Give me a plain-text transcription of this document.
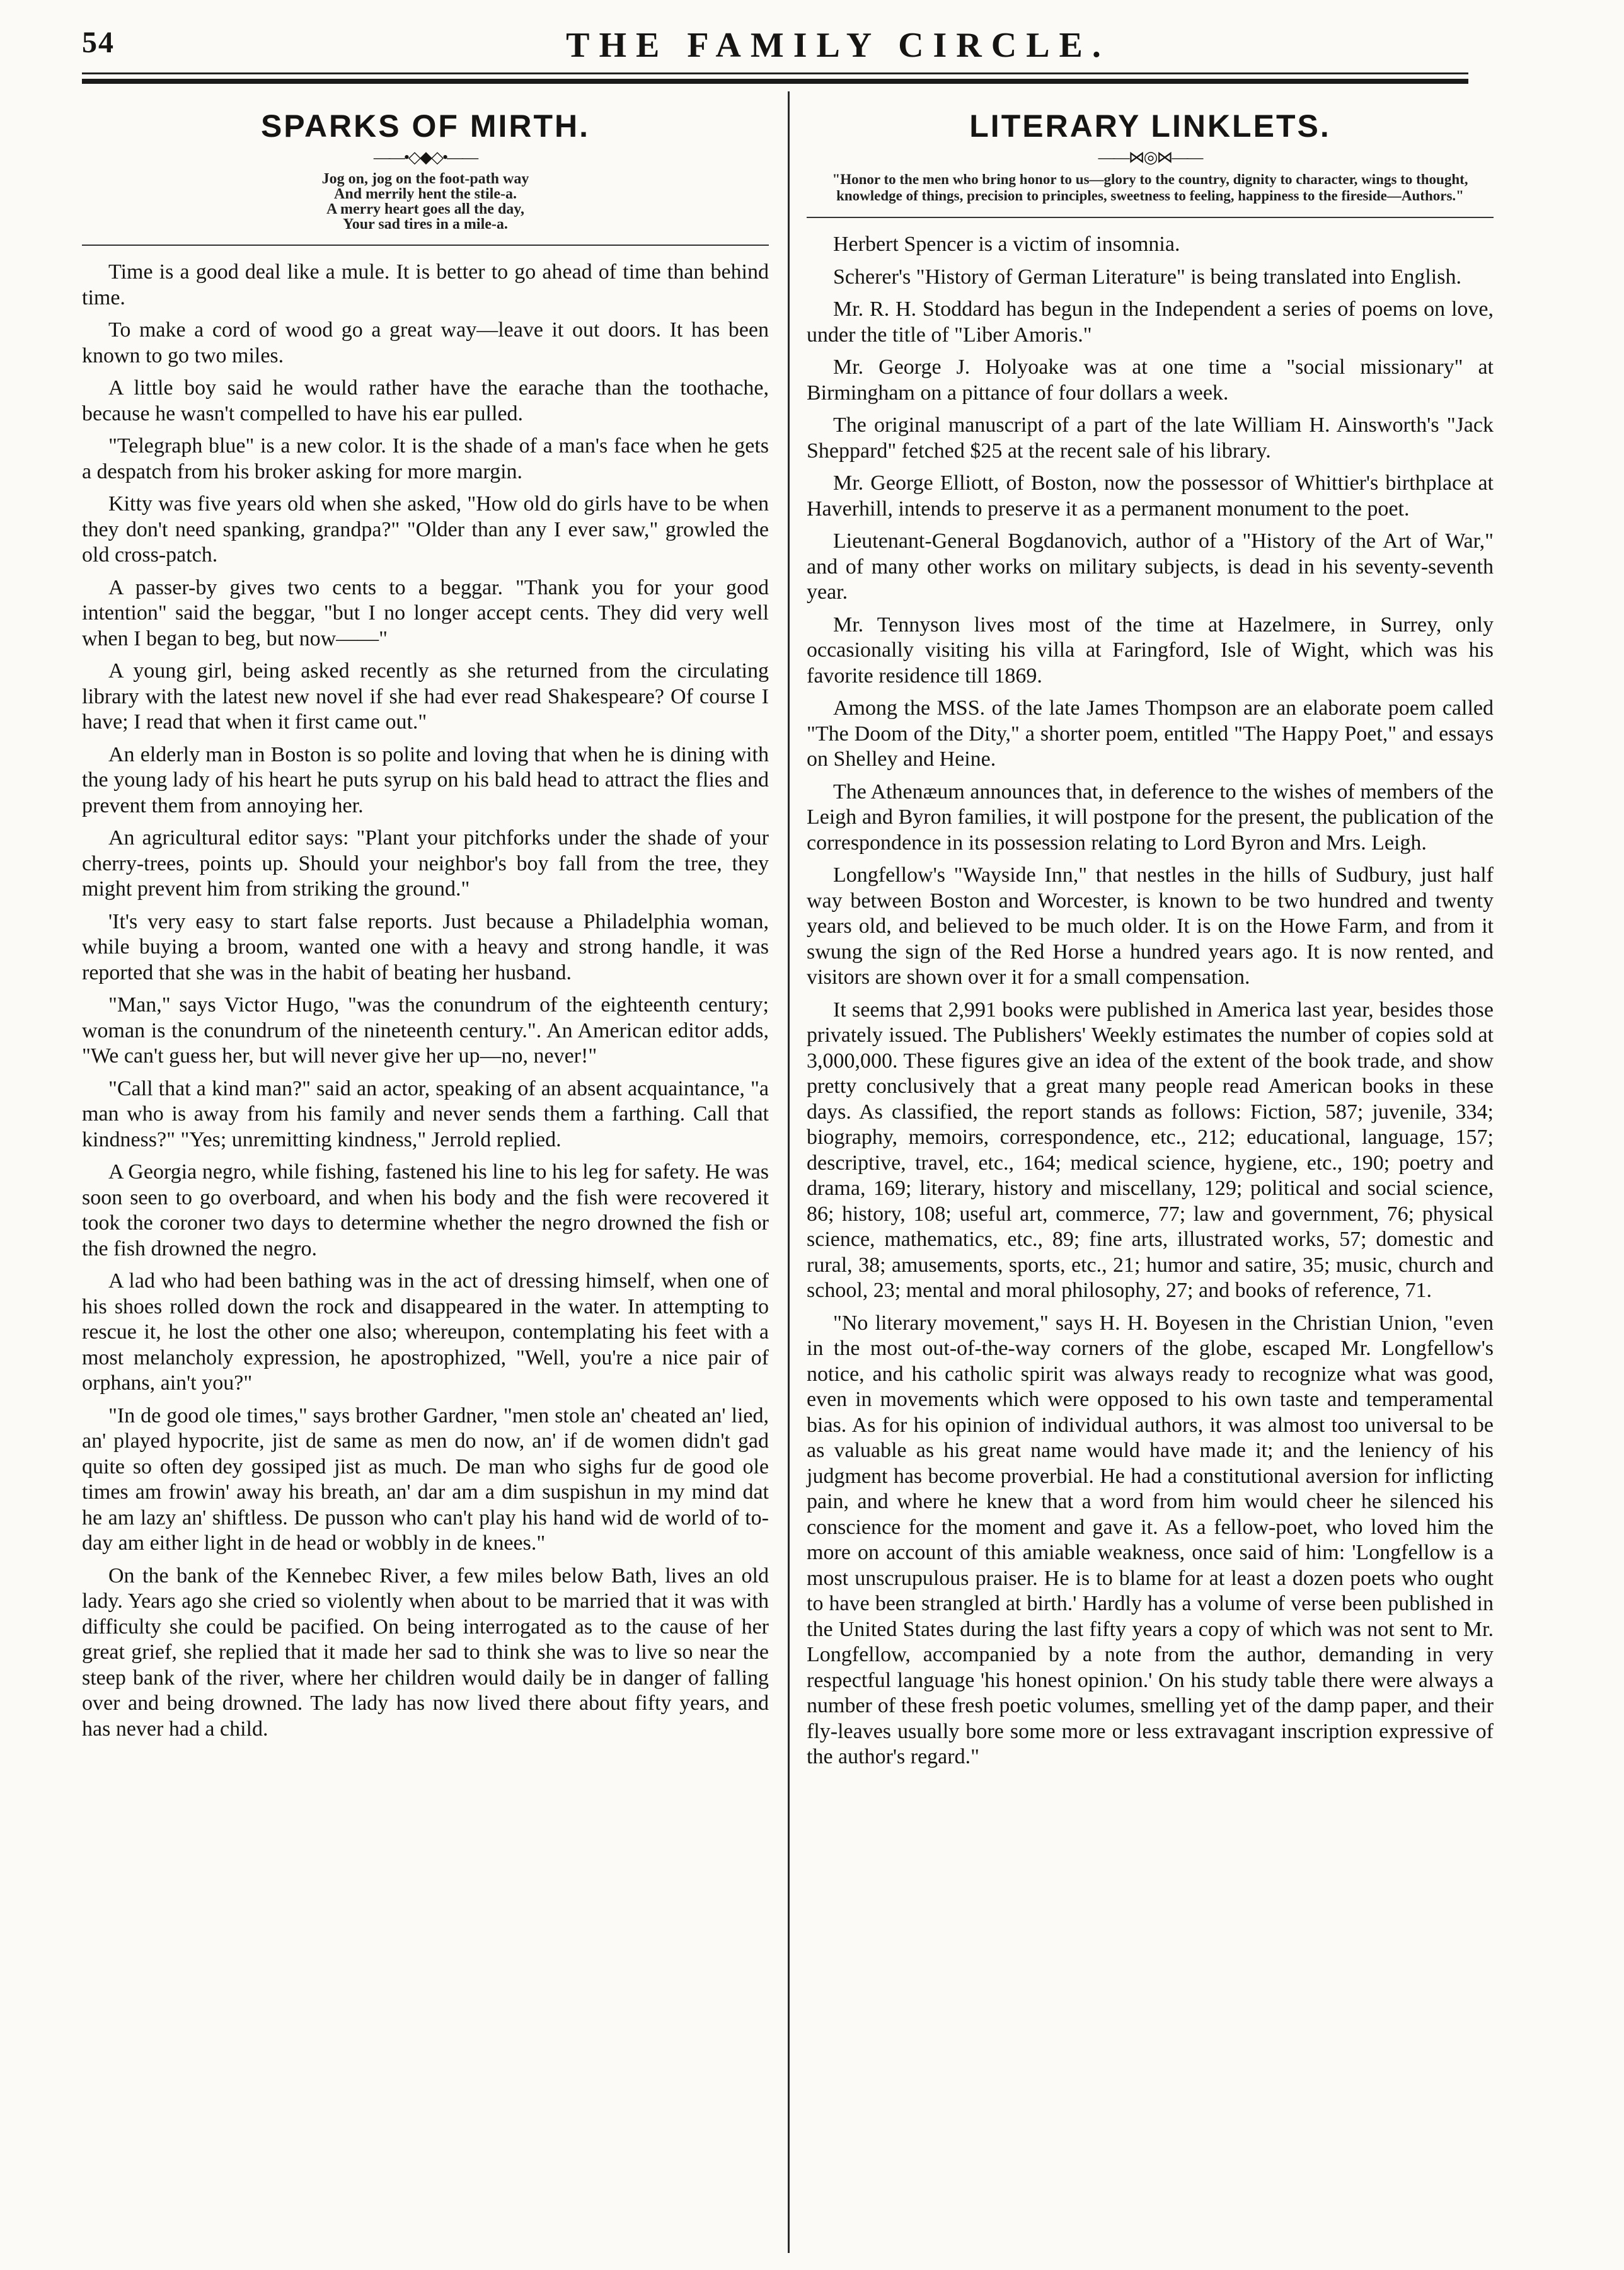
54	THE FAMILY CIRCLE.
SPARKS OF MIRTH.
——•◇◆◇•——
Jog on, jog on the foot-path way
And merrily hent the stile-a.
A merry heart goes all the day,
Your sad tires in a mile-a.

Time is a good deal like a mule. It is better to go ahead of time than behind time.

To make a cord of wood go a great way—leave it out doors. It has been known to go two miles.

A little boy said he would rather have the earache than the toothache, because he wasn't compelled to have his ear pulled.

"Telegraph blue" is a new color. It is the shade of a man's face when he gets a despatch from his broker asking for more margin.

Kitty was five years old when she asked, "How old do girls have to be when they don't need spanking, grandpa?" "Older than any I ever saw," growled the old cross-patch.

A passer-by gives two cents to a beggar. "Thank you for your good intention" said the beggar, "but I no longer accept cents. They did very well when I began to beg, but now——"

A young girl, being asked recently as she returned from the circulating library with the latest new novel if she had ever read Shakespeare? Of course I have; I read that when it first came out."

An elderly man in Boston is so polite and loving that when he is dining with the young lady of his heart he puts syrup on his bald head to attract the flies and prevent them from annoying her.

An agricultural editor says: "Plant your pitchforks under the shade of your cherry-trees, points up. Should your neighbor's boy fall from the tree, they might prevent him from striking the ground."

'It's very easy to start false reports. Just because a Philadelphia woman, while buying a broom, wanted one with a heavy and strong handle, it was reported that she was in the habit of beating her husband.

"Man," says Victor Hugo, "was the conundrum of the eighteenth century; woman is the conundrum of the nineteenth century.". An American editor adds, "We can't guess her, but will never give her up—no, never!"

"Call that a kind man?" said an actor, speaking of an absent acquaintance, "a man who is away from his family and never sends them a farthing. Call that kindness?" "Yes; unremitting kindness," Jerrold replied.

A Georgia negro, while fishing, fastened his line to his leg for safety. He was soon seen to go overboard, and when his body and the fish were recovered it took the coroner two days to determine whether the negro drowned the fish or the fish drowned the negro.

A lad who had been bathing was in the act of dressing himself, when one of his shoes rolled down the rock and disappeared in the water. In attempting to rescue it, he lost the other one also; whereupon, contemplating his feet with a most melancholy expression, he apostrophized, "Well, you're a nice pair of orphans, ain't you?"

"In de good ole times," says brother Gardner, "men stole an' cheated an' lied, an' played hypocrite, jist de same as men do now, an' if de women didn't gad quite so often dey gossiped jist as much. De man who sighs fur de good ole times am frowin' away his breath, an' dar am a dim suspishun in my mind dat he am lazy an' shiftless. De pusson who can't play his hand wid de world of to-day am either light in de head or wobbly in de knees."

On the bank of the Kennebec River, a few miles below Bath, lives an old lady. Years ago she cried so violently when about to be married that it was with difficulty she could be pacified. On being interrogated as to the cause of her great grief, she replied that it made her sad to think she was to live so near the steep bank of the river, where her children would daily be in danger of falling over and being drowned. The lady has now lived there about fifty years, and has never had a child.

LITERARY LINKLETS.
——⋈◎⋈——
"Honor to the men who bring honor to us—glory to the country, dignity to character, wings to thought, knowledge of things, precision to principles, sweetness to feeling, happiness to the fireside—Authors."

Herbert Spencer is a victim of insomnia.

Scherer's "History of German Literature" is being translated into English.

Mr. R. H. Stoddard has begun in the Independent a series of poems on love, under the title of "Liber Amoris."

Mr. George J. Holyoake was at one time a "social missionary" at Birmingham on a pittance of four dollars a week.

The original manuscript of a part of the late William H. Ainsworth's "Jack Sheppard" fetched $25 at the recent sale of his library.

Mr. George Elliott, of Boston, now the possessor of Whittier's birthplace at Haverhill, intends to preserve it as a permanent monument to the poet.

Lieutenant-General Bogdanovich, author of a "History of the Art of War," and of many other works on military subjects, is dead in his seventy-seventh year.

Mr. Tennyson lives most of the time at Hazelmere, in Surrey, only occasionally visiting his villa at Faringford, Isle of Wight, which was his favorite residence till 1869.

Among the MSS. of the late James Thompson are an elaborate poem called "The Doom of the Dity," a shorter poem, entitled "The Happy Poet," and essays on Shelley and Heine.

The Athenæum announces that, in deference to the wishes of members of the Leigh and Byron families, it will postpone for the present, the publication of the correspondence in its possession relating to Lord Byron and Mrs. Leigh.

Longfellow's "Wayside Inn," that nestles in the hills of Sudbury, just half way between Boston and Worcester, is known to be two hundred and twenty years old, and believed to be much older. It is on the Howe Farm, and from it swung the sign of the Red Horse a hundred years ago. It is now rented, and visitors are shown over it for a small compensation.

It seems that 2,991 books were published in America last year, besides those privately issued. The Publishers' Weekly estimates the number of copies sold at 3,000,000. These figures give an idea of the extent of the book trade, and show pretty conclusively that a great many people read American books in these days. As classified, the report stands as follows: Fiction, 587; juvenile, 334; biography, memoirs, correspondence, etc., 212; educational, language, 157; descriptive, travel, etc., 164; medical science, hygiene, etc., 190; poetry and drama, 169; literary, history and miscellany, 129; political and social science, 86; history, 108; useful art, commerce, 77; law and government, 76; physical science, mathematics, etc., 89; fine arts, illustrated works, 57; domestic and rural, 38; amusements, sports, etc., 21; humor and satire, 35; music, church and school, 23; mental and moral philosophy, 27; and books of reference, 71.

"No literary movement," says H. H. Boyesen in the Christian Union, "even in the most out-of-the-way corners of the globe, escaped Mr. Longfellow's notice, and his catholic spirit was always ready to recognize what was good, even in movements which were opposed to his own taste and temperamental bias. As for his opinion of individual authors, it was almost too universal to be as valuable as his great name would have made it; and the leniency of his judgment has become proverbial. He had a constitutional aversion for inflicting pain, and where he knew that a word from him would cheer he silenced his conscience for the moment and gave it. As a fellow-poet, who loved him the more on account of this amiable weakness, once said of him: 'Longfellow is a most unscrupulous praiser. He is to blame for at least a dozen poets who ought to have been strangled at birth.' Hardly has a volume of verse been published in the United States during the last fifty years a copy of which was not sent to Mr. Longfellow, accompanied by a note from the author, demanding in very respectful language 'his honest opinion.' On his study table there were always a number of these fresh poetic volumes, smelling yet of the damp paper, and their fly-leaves usually bore some more or less extravagant inscription expressive of the author's regard."
